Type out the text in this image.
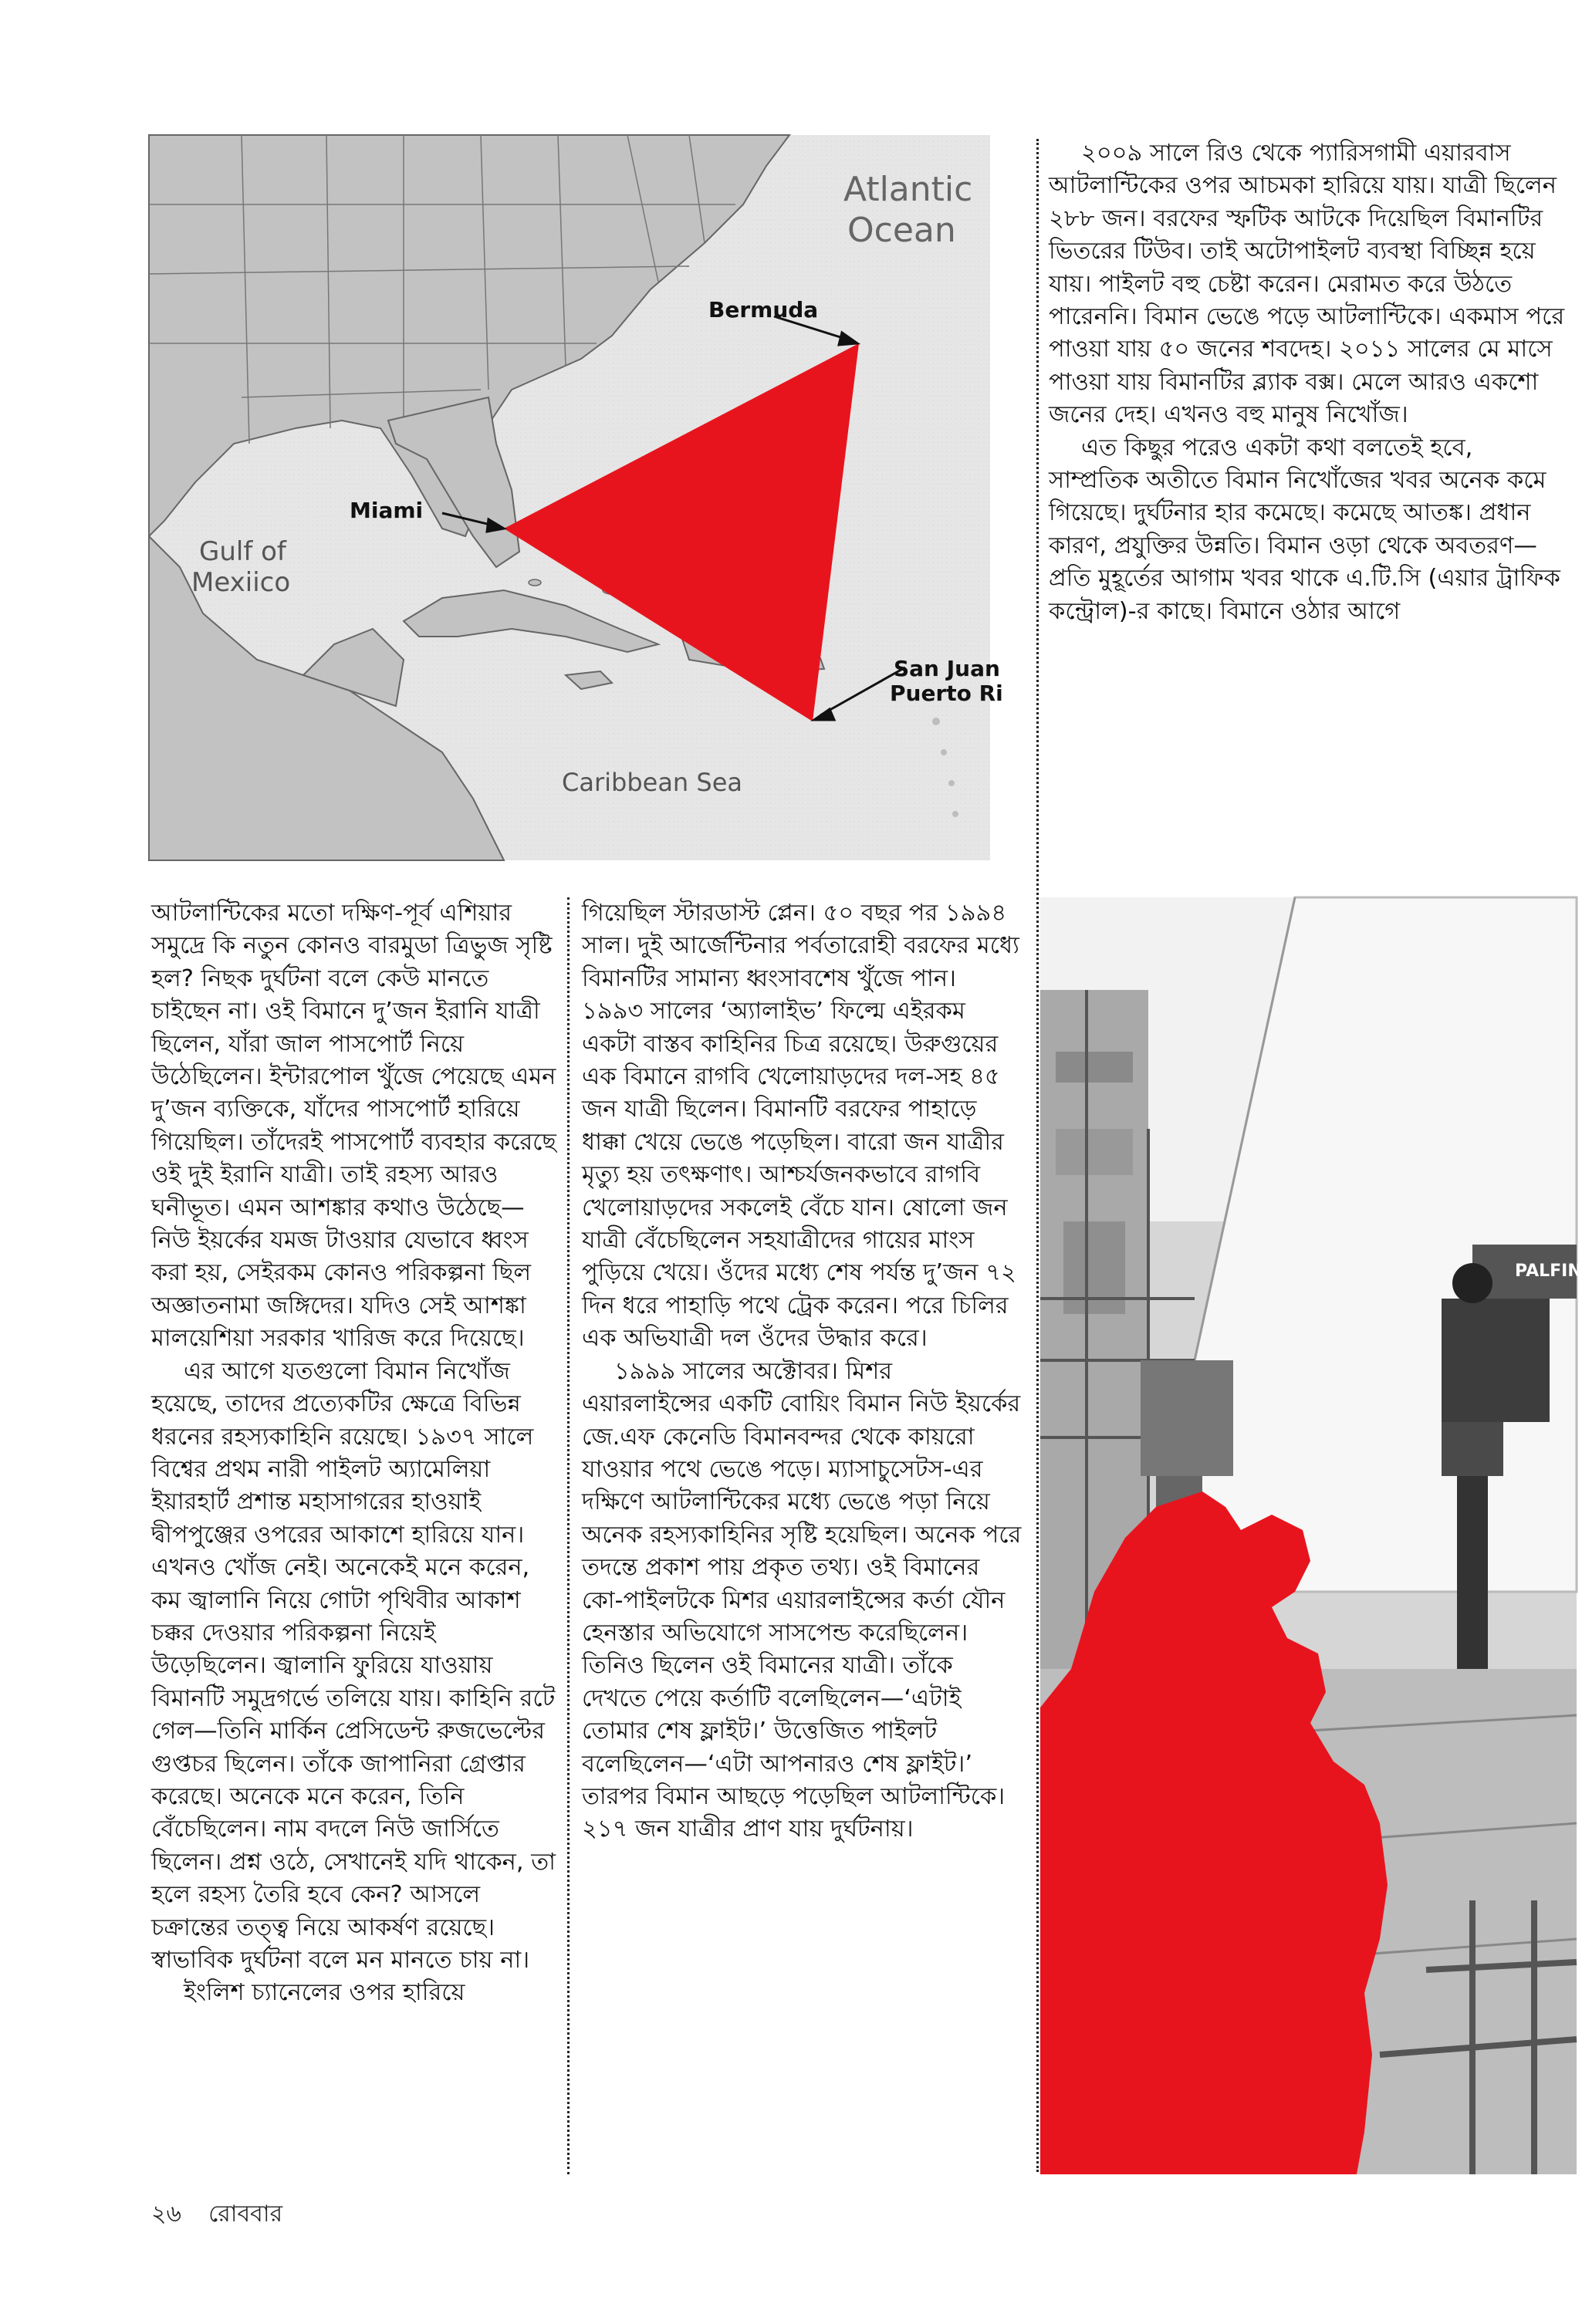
Atlantic
Ocean
Bermuda
Miami
Gulf of
Mexiico
San Juan
Puerto Ri
Caribbean Sea

২০০৯ সালে রিও থেকে প্যারিসগামী এয়ারবাস আটলান্টিকের ওপর আচমকা হারিয়ে যায়। যাত্রী ছিলেন ২৮৮ জন। বরফের স্ফটিক আটকে দিয়েছিল বিমানটির ভিতরের টিউব। তাই অটোপাইলট ব্যবস্থা বিচ্ছিন্ন হয়ে যায়। পাইলট বহু চেষ্টা করেন। মেরামত করে উঠতে পারেননি। বিমান ভেঙে পড়ে আটলান্টিকে। একমাস পরে পাওয়া যায় ৫০ জনের শবদেহ। ২০১১ সালের মে মাসে পাওয়া যায় বিমানটির ব্ল্যাক বক্স। মেলে আরও একশো জনের দেহ। এখনও বহু মানুষ নিখোঁজ।

এত কিছুর পরেও একটা কথা বলতেই হবে, সাম্প্রতিক অতীতে বিমান নিখোঁজের খবর অনেক কমে গিয়েছে। দুর্ঘটনার হার কমেছে। কমেছে আতঙ্ক। প্রধান কারণ, প্রযুক্তির উন্নতি। বিমান ওড়া থেকে অবতরণ—প্রতি মুহূর্তের আগাম খবর থাকে এ.টি.সি (এয়ার ট্রাফিক কন্ট্রোল)-র কাছে। বিমানে ওঠার আগে

আটলান্টিকের মতো দক্ষিণ-পূর্ব এশিয়ার সমুদ্রে কি নতুন কোনও বারমুডা ত্রিভুজ সৃষ্টি হল? নিছক দুর্ঘটনা বলে কেউ মানতে চাইছেন না। ওই বিমানে দু’জন ইরানি যাত্রী ছিলেন, যাঁরা জাল পাসপোর্ট নিয়ে উঠেছিলেন। ইন্টারপোল খুঁজে পেয়েছে এমন দু’জন ব্যক্তিকে, যাঁদের পাসপোর্ট হারিয়ে গিয়েছিল। তাঁদেরই পাসপোর্ট ব্যবহার করেছে ওই দুই ইরানি যাত্রী। তাই রহস্য আরও ঘনীভূত। এমন আশঙ্কার কথাও উঠেছে—নিউ ইয়র্কের যমজ টাওয়ার যেভাবে ধ্বংস করা হয়, সেইরকম কোনও পরিকল্পনা ছিল অজ্ঞাতনামা জঙ্গিদের। যদিও সেই আশঙ্কা মালয়েশিয়া সরকার খারিজ করে দিয়েছে।

এর আগে যতগুলো বিমান নিখোঁজ হয়েছে, তাদের প্রত্যেকটির ক্ষেত্রে বিভিন্ন ধরনের রহস্যকাহিনি রয়েছে। ১৯৩৭ সালে বিশ্বের প্রথম নারী পাইলট অ্যামেলিয়া ইয়ারহার্ট প্রশান্ত মহাসাগরের হাওয়াই দ্বীপপুঞ্জের ওপরের আকাশে হারিয়ে যান। এখনও খোঁজ নেই। অনেকেই মনে করেন, কম জ্বালানি নিয়ে গোটা পৃথিবীর আকাশ চক্কর দেওয়ার পরিকল্পনা নিয়েই উড়েছিলেন। জ্বালানি ফুরিয়ে যাওয়ায় বিমানটি সমুদ্রগর্ভে তলিয়ে যায়। কাহিনি রটে গেল—তিনি মার্কিন প্রেসিডেন্ট রুজভেল্টের গুপ্তচর ছিলেন। তাঁকে জাপানিরা গ্রেপ্তার করেছে। অনেকে মনে করেন, তিনি বেঁচেছিলেন। নাম বদলে নিউ জার্সিতে ছিলেন। প্রশ্ন ওঠে, সেখানেই যদি থাকেন, তা হলে রহস্য তৈরি হবে কেন? আসলে চক্রান্তের তত্ত্ব নিয়ে আকর্ষণ রয়েছে। স্বাভাবিক দুর্ঘটনা বলে মন মানতে চায় না।

ইংলিশ চ্যানেলের ওপর হারিয়ে

গিয়েছিল স্টারডাস্ট প্লেন। ৫০ বছর পর ১৯৯৪ সাল। দুই আর্জেন্টিনার পর্বতারোহী বরফের মধ্যে বিমানটির সামান্য ধ্বংসাবশেষ খুঁজে পান। ১৯৯৩ সালের ‘অ্যালাইভ’ ফিল্মে এইরকম একটা বাস্তব কাহিনির চিত্র রয়েছে। উরুগুয়ের এক বিমানে রাগবি খেলোয়াড়দের দল-সহ ৪৫ জন যাত্রী ছিলেন। বিমানটি বরফের পাহাড়ে ধাক্কা খেয়ে ভেঙে পড়েছিল। বারো জন যাত্রীর মৃত্যু হয় তৎক্ষণাৎ। আশ্চর্যজনকভাবে রাগবি খেলোয়াড়দের সকলেই বেঁচে যান। ষোলো জন যাত্রী বেঁচেছিলেন সহযাত্রীদের গায়ের মাংস পুড়িয়ে খেয়ে। ওঁদের মধ্যে শেষ পর্যন্ত দু’জন ৭২ দিন ধরে পাহাড়ি পথে ট্রেক করেন। পরে চিলির এক অভিযাত্রী দল ওঁদের উদ্ধার করে।

১৯৯৯ সালের অক্টোবর। মিশর এয়ারলাইন্সের একটি বোয়িং বিমান নিউ ইয়র্কের জে.এফ কেনেডি বিমানবন্দর থেকে কায়রো যাওয়ার পথে ভেঙে পড়ে। ম্যাসাচুসেটস-এর দক্ষিণে আটলান্টিকের মধ্যে ভেঙে পড়া নিয়ে অনেক রহস্যকাহিনির সৃষ্টি হয়েছিল। অনেক পরে তদন্তে প্রকাশ পায় প্রকৃত তথ্য। ওই বিমানের কো-পাইলটকে মিশর এয়ারলাইন্সের কর্তা যৌন হেনস্তার অভিযোগে সাসপেন্ড করেছিলেন। তিনিও ছিলেন ওই বিমানের যাত্রী। তাঁকে দেখতে পেয়ে কর্তাটি বলেছিলেন—‘এটাই তোমার শেষ ফ্লাইট।’ উত্তেজিত পাইলট বলেছিলেন—‘এটা আপনারও শেষ ফ্লাইট।’ তারপর বিমান আছড়ে পড়েছিল আটলান্টিকে। ২১৭ জন যাত্রীর প্রাণ যায় দুর্ঘটনায়।

PALFIN
২৬ রোববার
